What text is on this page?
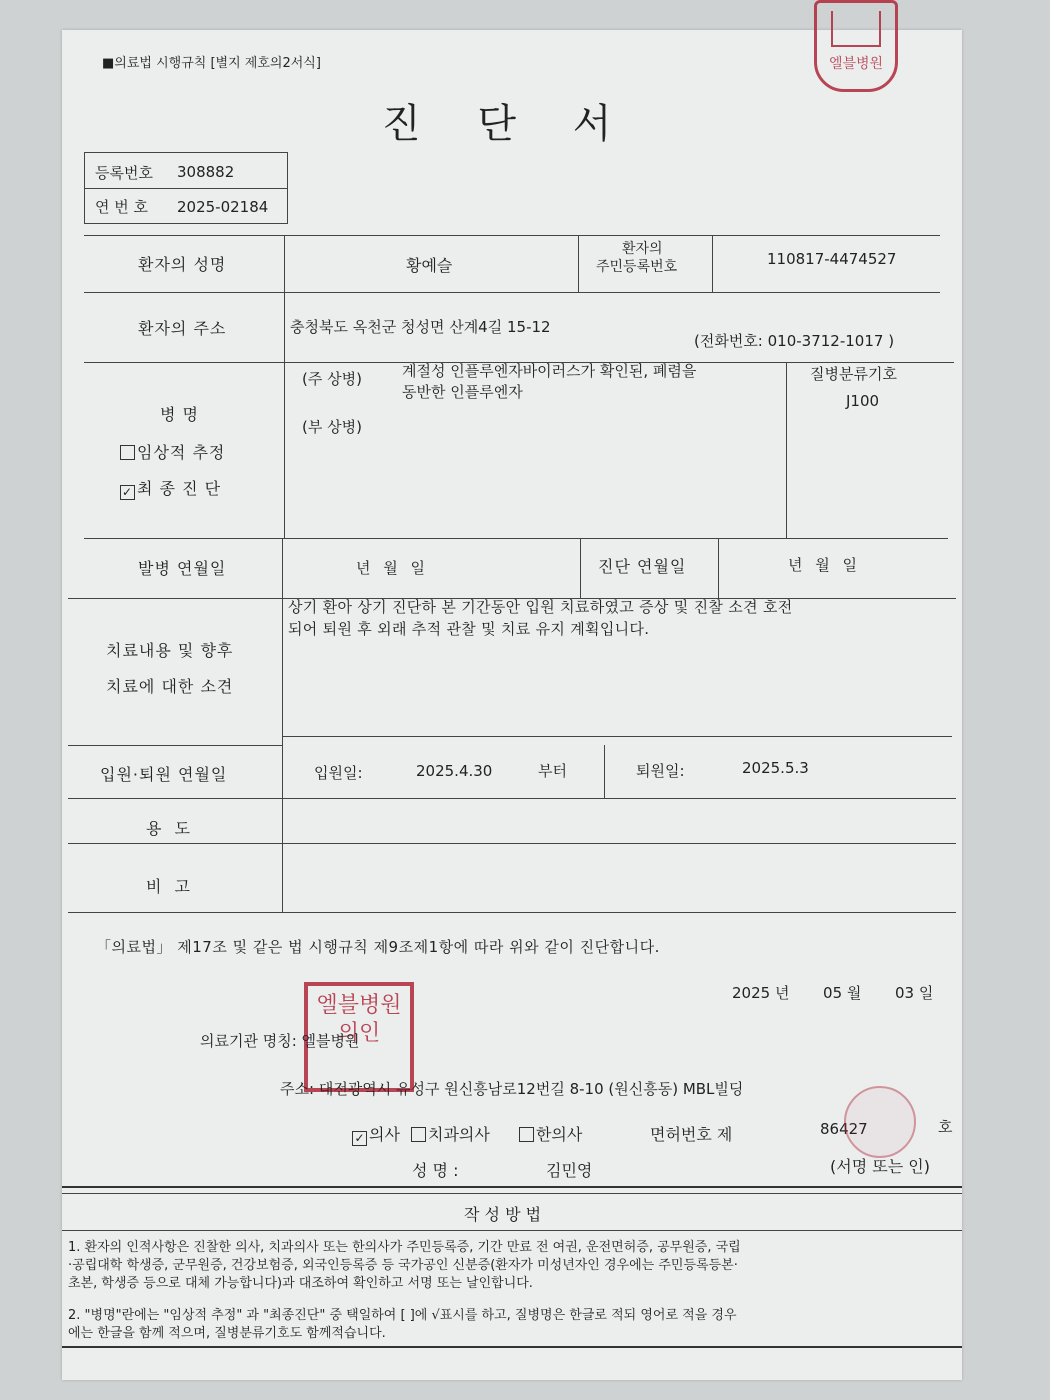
엘블병원
■의료법 시행규칙 [별지 제호의2서식]
진 단 서
등록번호 308882
연 번 호 2025-02184
환자의 성명	황예슬
환자의
주민등록번호	110817-4474527
환자의 주소	충청북도 옥천군 청성면 산계4길 15-12
(전화번호: 010-3712-1017 )
병 명
임상적 추정
✓ 최 종 진 단
(주 상병)	계절성 인플루엔자바이러스가 확인된, 폐렴을
동반한 인플루엔자
(부 상병)
질병분류기호
J100
발병 연월일	년 월 일	진단 연월일	년 월 일
치료내용 및 향후
치료에 대한 소견
상기 환아 상기 진단하 본 기간동안 입원 치료하였고 증상 및 진찰 소견 호전
되어 퇴원 후 외래 추적 관찰 및 치료 유지 계획입니다.
입원·퇴원 연월일	입원일:	2025.4.30	부터	퇴원일:	2025.5.3
용 도
비 고
「의료법」 제17조 및 같은 법 시행규칙 제9조제1항에 따라 위와 같이 진단합니다.
2025 년 05 월 03 일
엘블병원의인
의료기관 명칭: 엘블병원
주소: 대전광역시 유성구 원신흥남로12번길 8-10 (원신흥동) MBL빌딩
✓ 의사 치과의사	한의사	면허번호 제	86427	호
성 명 :	김민영	(서명 또는 인)
작 성 방 법
1. 환자의 인적사항은 진찰한 의사, 치과의사 또는 한의사가 주민등록증, 기간 만료 전 여권, 운전면허증, 공무원증, 국립
·공립대학 학생증, 군무원증, 건강보험증, 외국인등록증 등 국가공인 신분증(환자가 미성년자인 경우에는 주민등록등본·
초본, 학생증 등으로 대체 가능합니다)과 대조하여 확인하고 서명 또는 날인합니다.
2. "병명"란에는 "임상적 추정" 과 "최종진단" 중 택일하여 [ ]에 √표시를 하고, 질병명은 한글로 적되 영어로 적을 경우
에는 한글을 함께 적으며, 질병분류기호도 함께적습니다.
